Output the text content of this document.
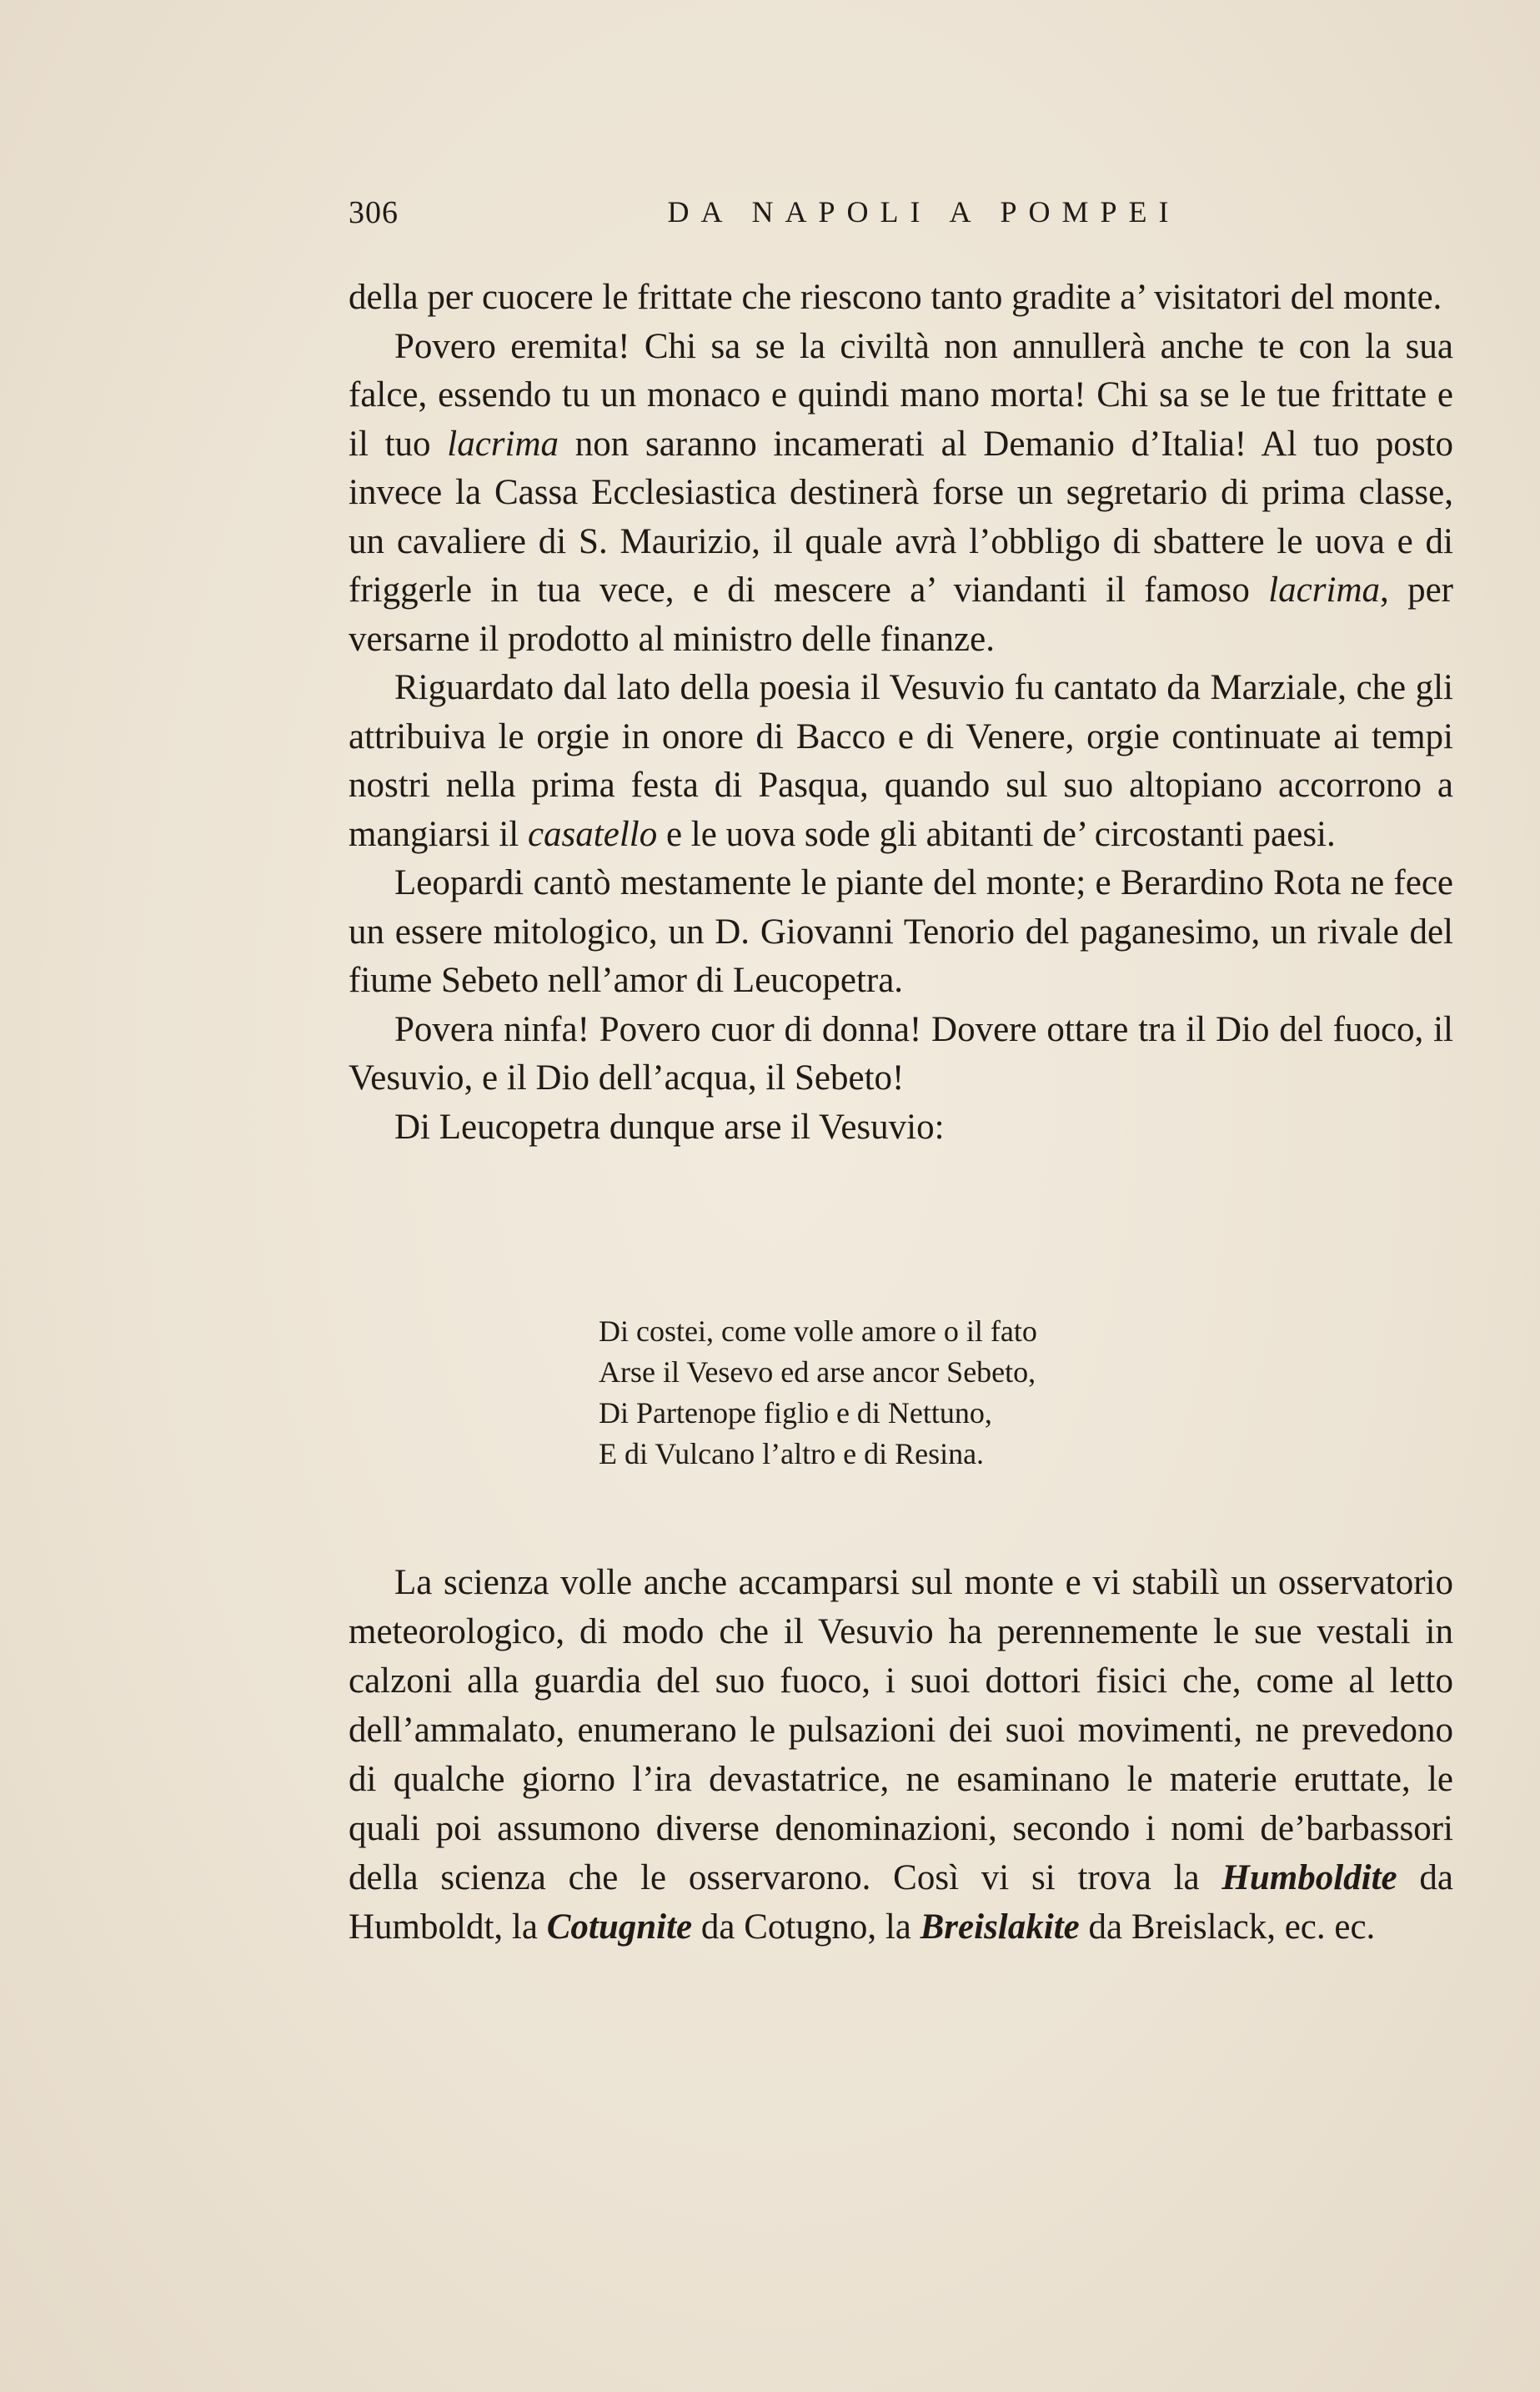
306	DA NAPOLI A POMPEI

della per cuocere le frittate che riescono tanto gradite a’ visitatori del monte.

Povero eremita! Chi sa se la civiltà non annullerà anche te con la sua falce, essendo tu un monaco e quindi mano morta! Chi sa se le tue frittate e il tuo lacrima non saranno incamerati al Demanio d’Italia! Al tuo posto invece la Cassa Ecclesiastica destinerà forse un segretario di prima classe, un cavaliere di S. Maurizio, il quale avrà l’obbligo di sbattere le uova e di friggerle in tua vece, e di mescere a’ viandanti il famoso lacrima, per versarne il prodotto al ministro delle finanze.

Riguardato dal lato della poesia il Vesuvio fu cantato da Marziale, che gli attribuiva le orgie in onore di Bacco e di Venere, orgie continuate ai tempi nostri nella prima festa di Pasqua, quando sul suo altopiano accorrono a mangiarsi il casatello e le uova sode gli abitanti de’ circostanti paesi.

Leopardi cantò mestamente le piante del monte; e Berardino Rota ne fece un essere mitologico, un D. Giovanni Tenorio del paganesimo, un rivale del fiume Sebeto nell’amor di Leucopetra.

Povera ninfa! Povero cuor di donna! Dovere ottare tra il Dio del fuoco, il Vesuvio, e il Dio dell’acqua, il Sebeto!

Di Leucopetra dunque arse il Vesuvio:

Di costei, come volle amore o il fato
Arse il Vesevo ed arse ancor Sebeto,
Di Partenope figlio e di Nettuno,
E di Vulcano l’altro e di Resina.

La scienza volle anche accamparsi sul monte e vi stabilì un osservatorio meteorologico, di modo che il Vesuvio ha perennemente le sue vestali in calzoni alla guardia del suo fuoco, i suoi dottori fisici che, come al letto dell’ammalato, enumerano le pulsazioni dei suoi movimenti, ne prevedono di qualche giorno l’ira devastatrice, ne esaminano le materie eruttate, le quali poi assumono diverse denominazioni, secondo i nomi de’barbassori della scienza che le osservarono. Così vi si trova la Humboldite da Humboldt, la Cotugnite da Cotugno, la Breislakite da Breislack, ec. ec.
